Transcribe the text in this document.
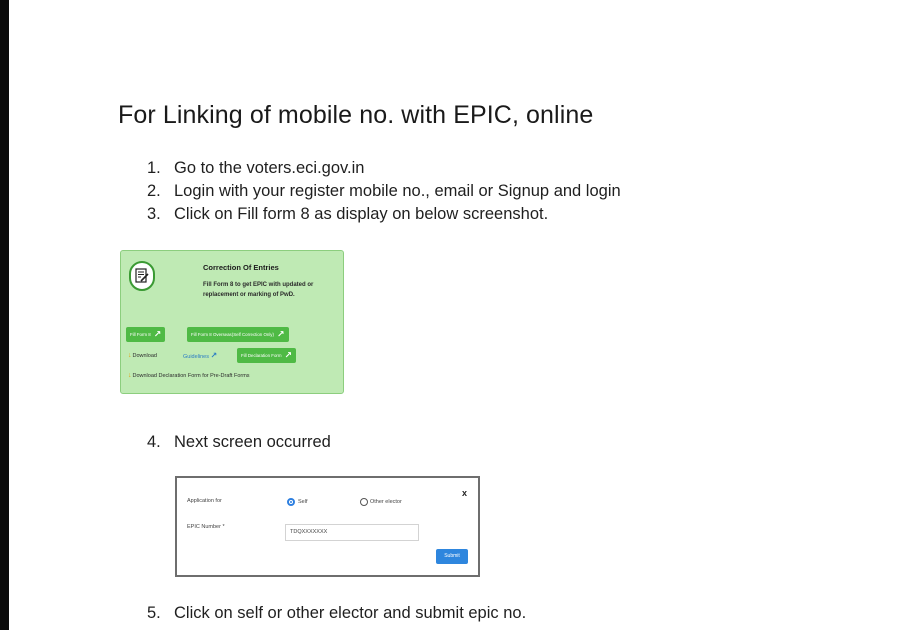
For Linking of mobile no. with EPIC, online
1. Go to the voters.eci.gov.in
2. Login with your register mobile no., email or Signup and login
3. Click on Fill form 8 as display on below screenshot.
Correction Of Entries
Fill Form 8 to get EPIC with updated or replacement or marking of PwD.
Fill Form 8 ↗	Fill Form 8 Overseas(Self Correction Only) ↗
↓Download	Guidelines ↗	Fill Declaration Form ↗
↓Download Declaration Form for Pre-Draft Forms
4. Next screen occurred
Application for	Self	Other elector
x
EPIC Number *
TDQXXXXXXX
Submit
5. Click on self or other elector and submit epic no.
